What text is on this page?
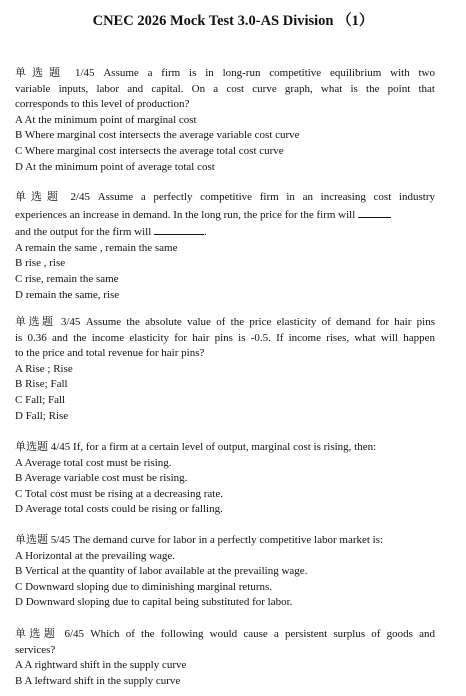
CNEC 2026 Mock Test 3.0-AS Division （1）
单选题 1/45 Assume a firm is in long-run competitive equilibrium with two
variable inputs, labor and capital. On a cost curve graph, what is the point that
corresponds to this level of production?
A At the minimum point of marginal cost
B Where marginal cost intersects the average variable cost curve
C Where marginal cost intersects the average total cost curve
D At the minimum point of average total cost
单选题 2/45 Assume a perfectly competitive firm in an increasing cost industry
experiences an increase in demand. In the long run, the price for the firm will
and the output for the firm will	.
A remain the same , remain the same
B rise , rise
C rise, remain the same
D remain the same, rise
单选题 3/45 Assume the absolute value of the price elasticity of demand for hair pins
is 0.36 and the income elasticity for hair pins is -0.5. If income rises, what will happen
to the price and total revenue for hair pins?
A Rise ; Rise
B Rise; Fall
C Fall; Fall
D Fall; Rise
单选题 4/45 If, for a firm at a certain level of output, marginal cost is rising, then:
A Average total cost must be rising.
B Average variable cost must be rising.
C Total cost must be rising at a decreasing rate.
D Average total costs could be rising or falling.
单选题 5/45 The demand curve for labor in a perfectly competitive labor market is:
A Horizontal at the prevailing wage.
B Vertical at the quantity of labor available at the prevailing wage.
C Downward sloping due to diminishing marginal returns.
D Downward sloping due to capital being substituted for labor.
单选题 6/45 Which of the following would cause a persistent surplus of goods and
services?
A A rightward shift in the supply curve
B A leftward shift in the supply curve
